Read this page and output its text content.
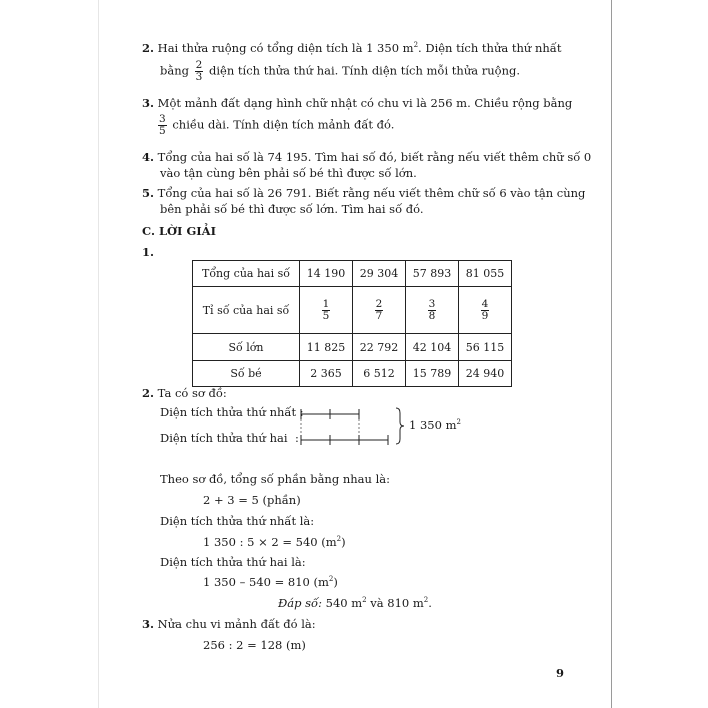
2. Hai thửa ruộng có tổng diện tích là 1 350 $m^2$. Diện tích thửa thứ nhất
bằng $\frac{2}{3}$ diện tích thửa thứ hai. Tính diện tích mỗi thửa ruộng.
3. Một mảnh đất dạng hình chữ nhật có chu vi là 256 m. Chiều rộng bằng
$\frac{3}{5}$ chiều dài. Tính diện tích mảnh đất đó.
4. Tổng của hai số là 74 195. Tìm hai số đó, biết rằng nếu viết thêm chữ số 0
vào tận cùng bên phải số bé thì được số lớn.
5. Tổng của hai số là 26 791. Biết rằng nếu viết thêm chữ số 6 vào tận cùng
bên phải số bé thì được số lớn. Tìm hai số đó.
C. LỜI GIẢI
1.
Tổng của hai số	14 190	29 304	57 893	81 055
Tỉ số của hai số	$\frac{1}{5}$	$\frac{2}{7}$	$\frac{3}{8}$	$\frac{4}{9}$

Số lớn	11 825	22 792	42 104	56 115
Số bé	2 365	6 512	15 789	24 940
2. Ta có sơ đồ:
Diện tích thửa thứ nhất :
Diện tích thửa thứ hai :
1 350 $m^2$
Theo sơ đồ, tổng số phần bằng nhau là:
2 + 3 = 5 (phần)
Diện tích thửa thứ nhất là:
1 350 : 5 × 2 = 540 $(m^2)$
Diện tích thửa thứ hai là:
1 350 – 540 = 810 $(m^2)$
Đáp số: 540 $m^2$ và 810 $m^2$.
3. Nửa chu vi mảnh đất đó là:
256 : 2 = 128 (m)
9
